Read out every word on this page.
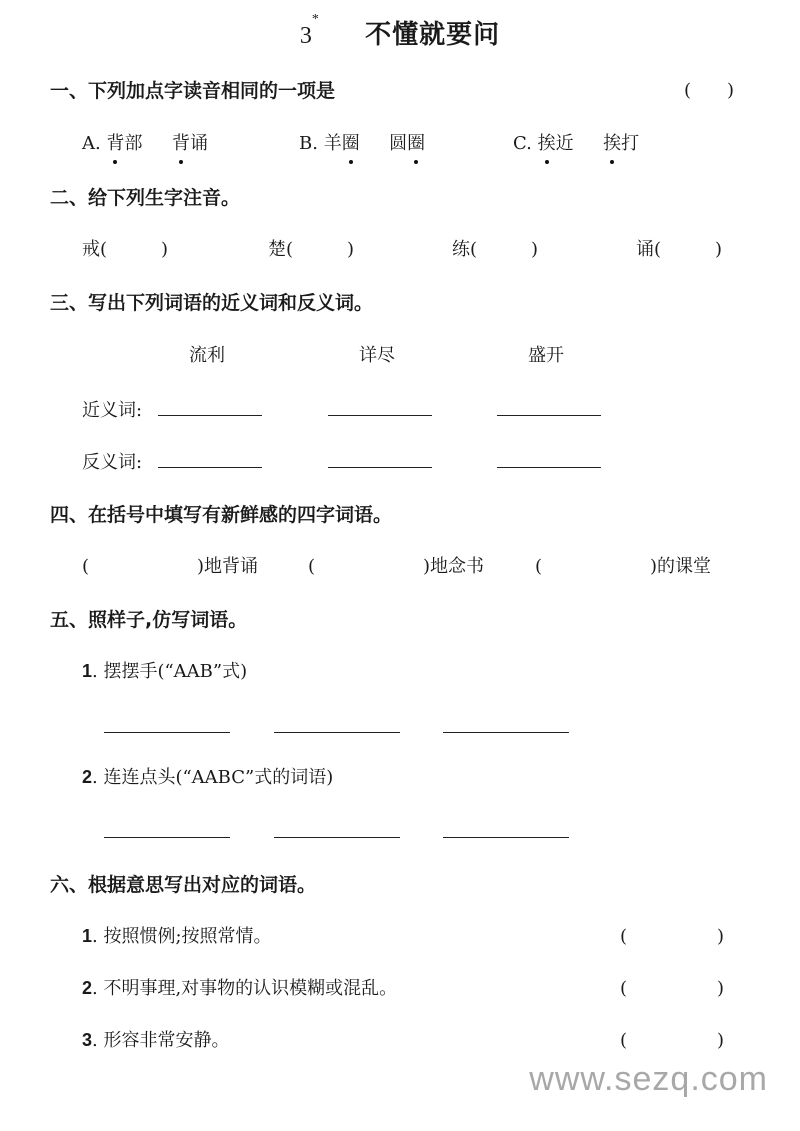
3* 不懂就要问
一、下列加点字读音相同的一项是	(　　)
A. 背部 背诵	B. 羊圈 圆圈	C. 挨近 挨打
二、给下列生字注音。
戒(　　　)	楚(　　　)	练(　　　)	诵(　　　)
三、写出下列词语的近义词和反义词。
流利	详尽	盛开
近义词:
反义词:
四、在括号中填写有新鲜感的四字词语。
(　　　　　　)地背诵	(　　　　　　)地念书	(　　　　　　)的课堂
五、照样子,仿写词语。
1. 摆摆手(“AAB”式)
2. 连连点头(“AABC”式的词语)
六、根据意思写出对应的词语。
1. 按照惯例;按照常情。	(　　　　　)
2. 不明事理,对事物的认识模糊或混乱。	(　　　　　)
3. 形容非常安静。	(　　　　　)
www.sezq.com
